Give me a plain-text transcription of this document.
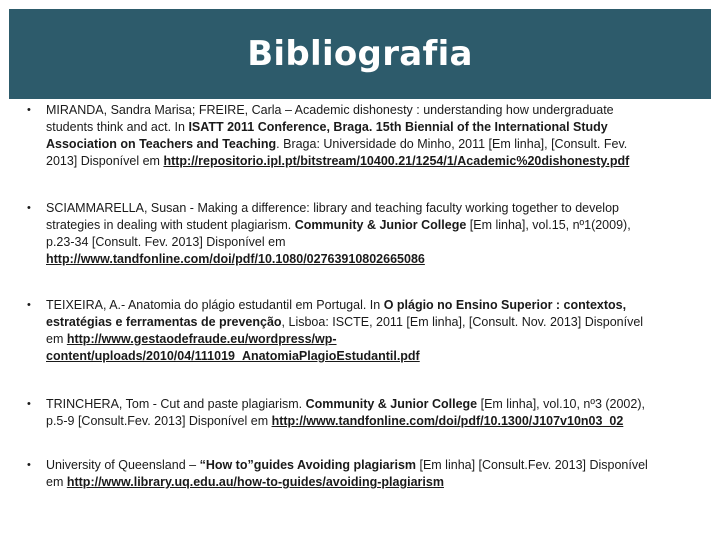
Bibliografia
• MIRANDA, Sandra Marisa; FREIRE, Carla – Academic dishonesty : understanding how undergraduate
students think and act. In ISATT 2011 Conference, Braga. 15th Biennial of the International Study
Association on Teachers and Teaching. Braga: Universidade do Minho, 2011 [Em linha], [Consult. Fev.
2013] Disponível em http://repositorio.ipl.pt/bitstream/10400.21/1254/1/Academic%20dishonesty.pdf
• SCIAMMARELLA, Susan - Making a difference: library and teaching faculty working together to develop
strategies in dealing with student plagiarism. Community & Junior College [Em linha], vol.15, nº1(2009),
p.23-34 [Consult. Fev. 2013] Disponível em
http://www.tandfonline.com/doi/pdf/10.1080/02763910802665086
• TEIXEIRA, A.- Anatomia do plágio estudantil em Portugal. In O plágio no Ensino Superior : contextos,
estratégias e ferramentas de prevenção, Lisboa: ISCTE, 2011 [Em linha], [Consult. Nov. 2013] Disponível
em http://www.gestaodefraude.eu/wordpress/wp-
content/uploads/2010/04/111019_AnatomiaPlagioEstudantil.pdf
• TRINCHERA, Tom - Cut and paste plagiarism. Community & Junior College [Em linha], vol.10, nº3 (2002),
p.5-9 [Consult.Fev. 2013] Disponível em http://www.tandfonline.com/doi/pdf/10.1300/J107v10n03_02
• University of Queensland – “How to”guides Avoiding plagiarism [Em linha] [Consult.Fev. 2013] Disponível
em http://www.library.uq.edu.au/how-to-guides/avoiding-plagiarism
